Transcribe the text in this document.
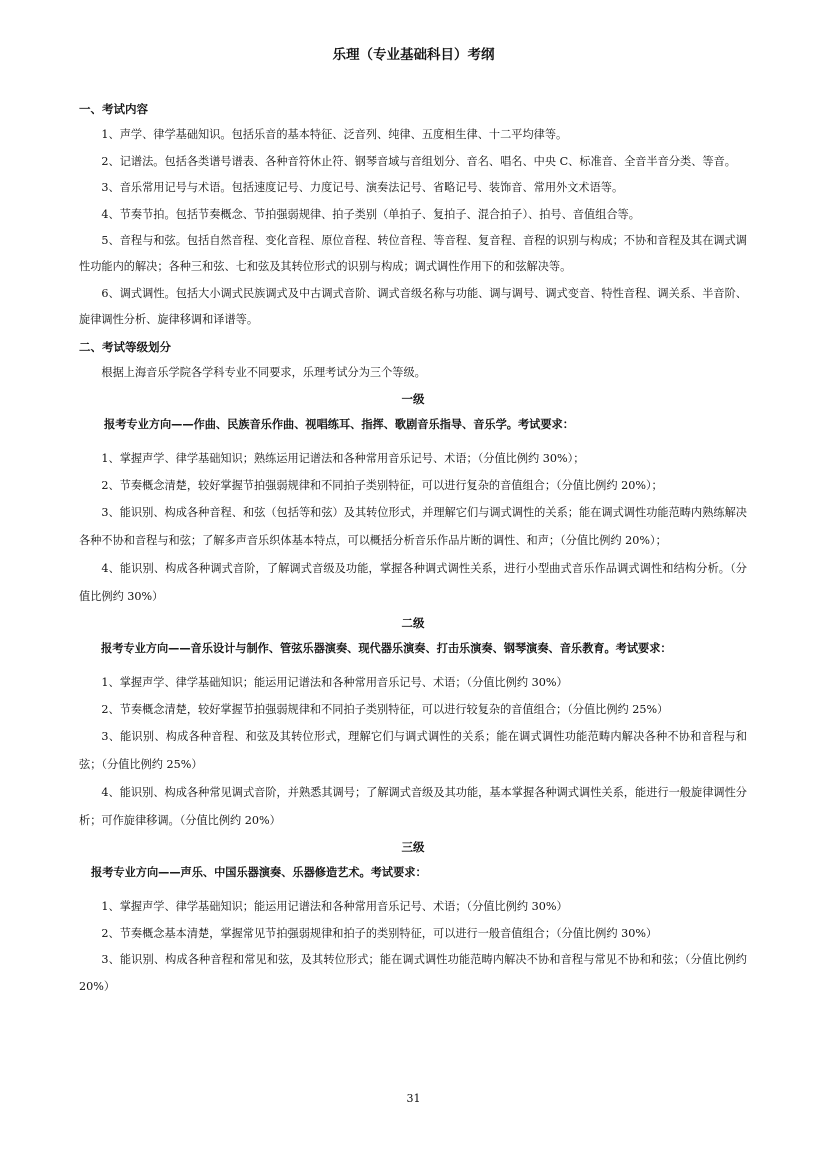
乐理（专业基础科目）考纲
一、考试内容

1、声学、律学基础知识。包括乐音的基本特征、泛音列、纯律、五度相生律、十二平均律等。

2、记谱法。包括各类谱号谱表、各种音符休止符、钢琴音域与音组划分、音名、唱名、中央 C、标准音、全音半音分类、等音。

3、音乐常用记号与术语。包括速度记号、力度记号、演奏法记号、省略记号、装饰音、常用外文术语等。

4、节奏节拍。包括节奏概念、节拍强弱规律、拍子类别（单拍子、复拍子、混合拍子）、拍号、音值组合等。

5、音程与和弦。包括自然音程、变化音程、原位音程、转位音程、等音程、复音程、音程的识别与构成；不协和音程及其在调式调性功能内的解决；各种三和弦、七和弦及其转位形式的识别与构成；调式调性作用下的和弦解决等。

6、调式调性。包括大小调式民族调式及中古调式音阶、调式音级名称与功能、调与调号、调式变音、特性音程、调关系、半音阶、旋律调性分析、旋律移调和译谱等。

二、考试等级划分

根据上海音乐学院各学科专业不同要求，乐理考试分为三个等级。

一级
报考专业方向——作曲、民族音乐作曲、视唱练耳、指挥、歌剧音乐指导、音乐学。考试要求：

1、掌握声学、律学基础知识；熟练运用记谱法和各种常用音乐记号、术语；（分值比例约 30%）；

2、节奏概念清楚，较好掌握节拍强弱规律和不同拍子类别特征，可以进行复杂的音值组合；（分值比例约 20%）；

3、能识别、构成各种音程、和弦（包括等和弦）及其转位形式，并理解它们与调式调性的关系；能在调式调性功能范畴内熟练解决各种不协和音程与和弦；了解多声音乐织体基本特点，可以概括分析音乐作品片断的调性、和声；（分值比例约 20%）；

4、能识别、构成各种调式音阶，了解调式音级及功能，掌握各种调式调性关系，进行小型曲式音乐作品调式调性和结构分析。（分值比例约 30%）

二级
报考专业方向——音乐设计与制作、管弦乐器演奏、现代器乐演奏、打击乐演奏、钢琴演奏、音乐教育。考试要求：

1、掌握声学、律学基础知识；能运用记谱法和各种常用音乐记号、术语；（分值比例约 30%）

2、节奏概念清楚，较好掌握节拍强弱规律和不同拍子类别特征，可以进行较复杂的音值组合；（分值比例约 25%）

3、能识别、构成各种音程、和弦及其转位形式，理解它们与调式调性的关系；能在调式调性功能范畴内解决各种不协和音程与和弦；（分值比例约 25%）

4、能识别、构成各种常见调式音阶，并熟悉其调号；了解调式音级及其功能，基本掌握各种调式调性关系，能进行一般旋律调性分析；可作旋律移调。（分值比例约 20%）

三级
报考专业方向——声乐、中国乐器演奏、乐器修造艺术。考试要求：

1、掌握声学、律学基础知识；能运用记谱法和各种常用音乐记号、术语；（分值比例约 30%）

2、节奏概念基本清楚，掌握常见节拍强弱规律和拍子的类别特征，可以进行一般音值组合；（分值比例约 30%）

3、能识别、构成各种音程和常见和弦，及其转位形式；能在调式调性功能范畴内解决不协和音程与常见不协和和弦；（分值比例约 20%）

31
